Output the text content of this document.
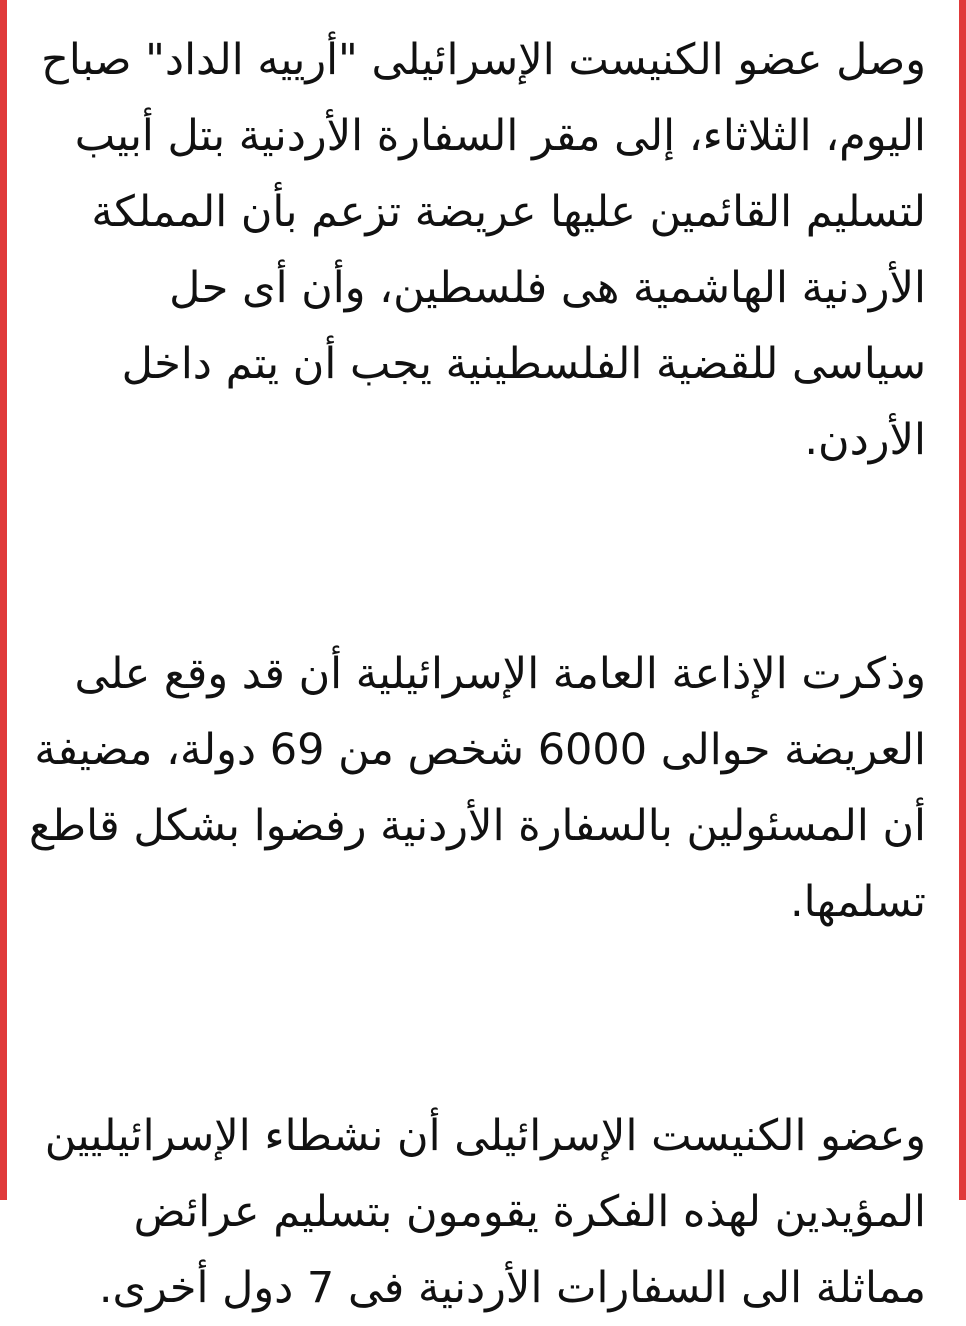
وصل عضو الكنيست الإسرائيلى "أرييه الداد" صباح
اليوم، الثلاثاء، إلى مقر السفارة الأردنية بتل أبيب
لتسليم القائمين عليها عريضة تزعم بأن المملكة
الأردنية الهاشمية هى فلسطين، وأن أى حل
سياسى للقضية الفلسطينية يجب أن يتم داخل
الأردن.
وذكرت الإذاعة العامة الإسرائيلية أن قد وقع على
العريضة حوالى 6000 شخص من 69 دولة، مضيفة
أن المسئولين بالسفارة الأردنية رفضوا بشكل قاطع
تسلمها.
وعضو الكنيست الإسرائيلى أن نشطاء الإسرائيليين
المؤيدين لهذه الفكرة يقومون بتسليم عرائض
مماثلة الى السفارات الأردنية فى 7 دول أخرى.
